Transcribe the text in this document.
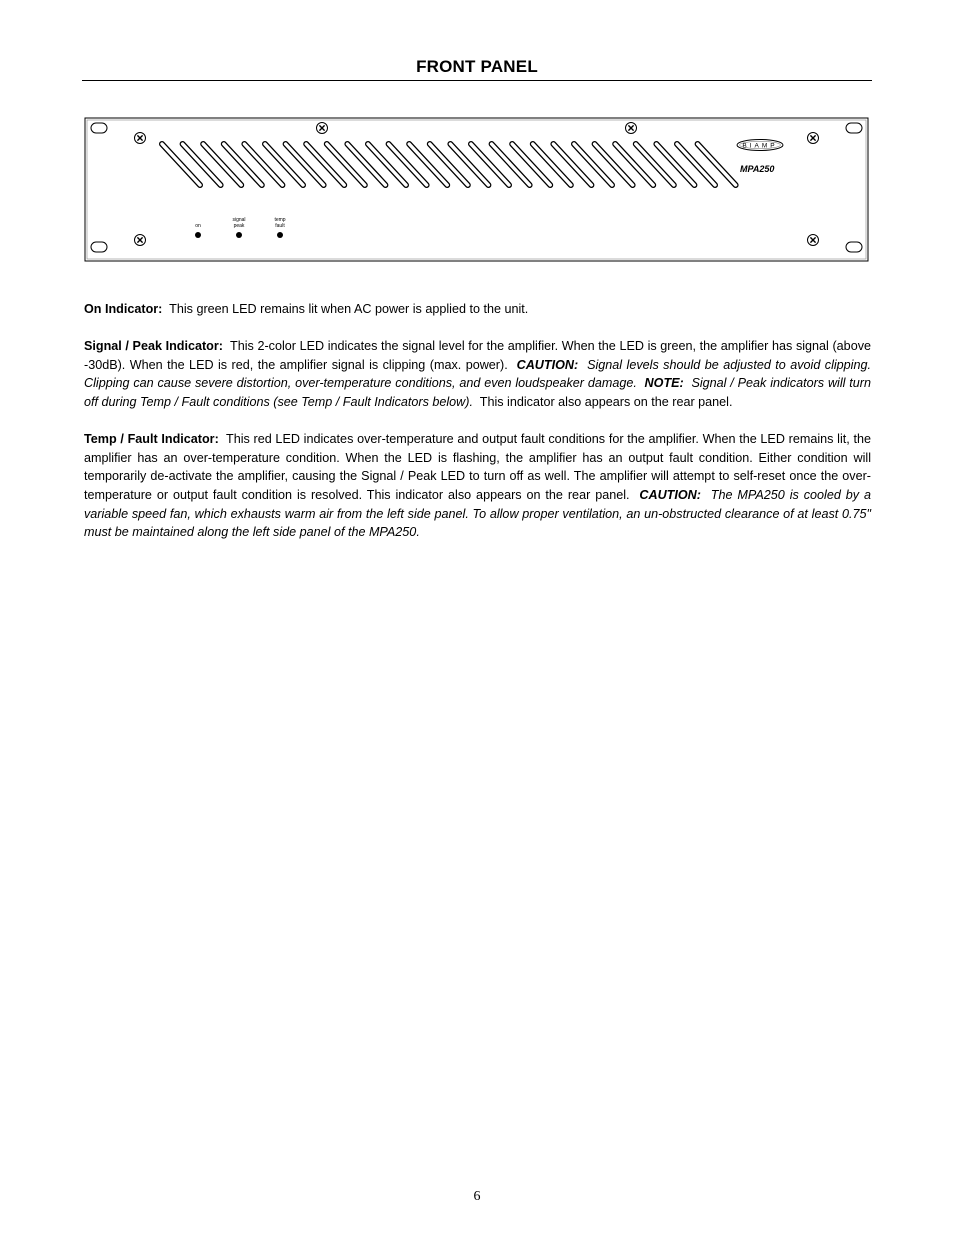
FRONT PANEL
BIAMP
MPA250
on
signal
peak
temp
fault

On Indicator: This green LED remains lit when AC power is applied to the unit.

Signal / Peak Indicator: This 2-color LED indicates the signal level for the amplifier. When the LED is green, the amplifier has signal (above -30dB). When the LED is red, the amplifier signal is clipping (max. power). CAUTION: Signal levels should be adjusted to avoid clipping. Clipping can cause severe distortion, over-temperature conditions, and even loudspeaker damage. NOTE: Signal / Peak indicators will turn off during Temp / Fault conditions (see Temp / Fault Indicators below). This indicator also appears on the rear panel.

Temp / Fault Indicator: This red LED indicates over-temperature and output fault conditions for the amplifier. When the LED remains lit, the amplifier has an over-temperature condition. When the LED is flashing, the amplifier has an output fault condition. Either condition will temporarily de-activate the amplifier, causing the Signal / Peak LED to turn off as well. The amplifier will attempt to self-reset once the over-temperature or output fault condition is resolved. This indicator also appears on the rear panel. CAUTION: The MPA250 is cooled by a variable speed fan, which exhausts warm air from the left side panel. To allow proper ventilation, an un-obstructed clearance of at least 0.75" must be maintained along the left side panel of the MPA250.

6
